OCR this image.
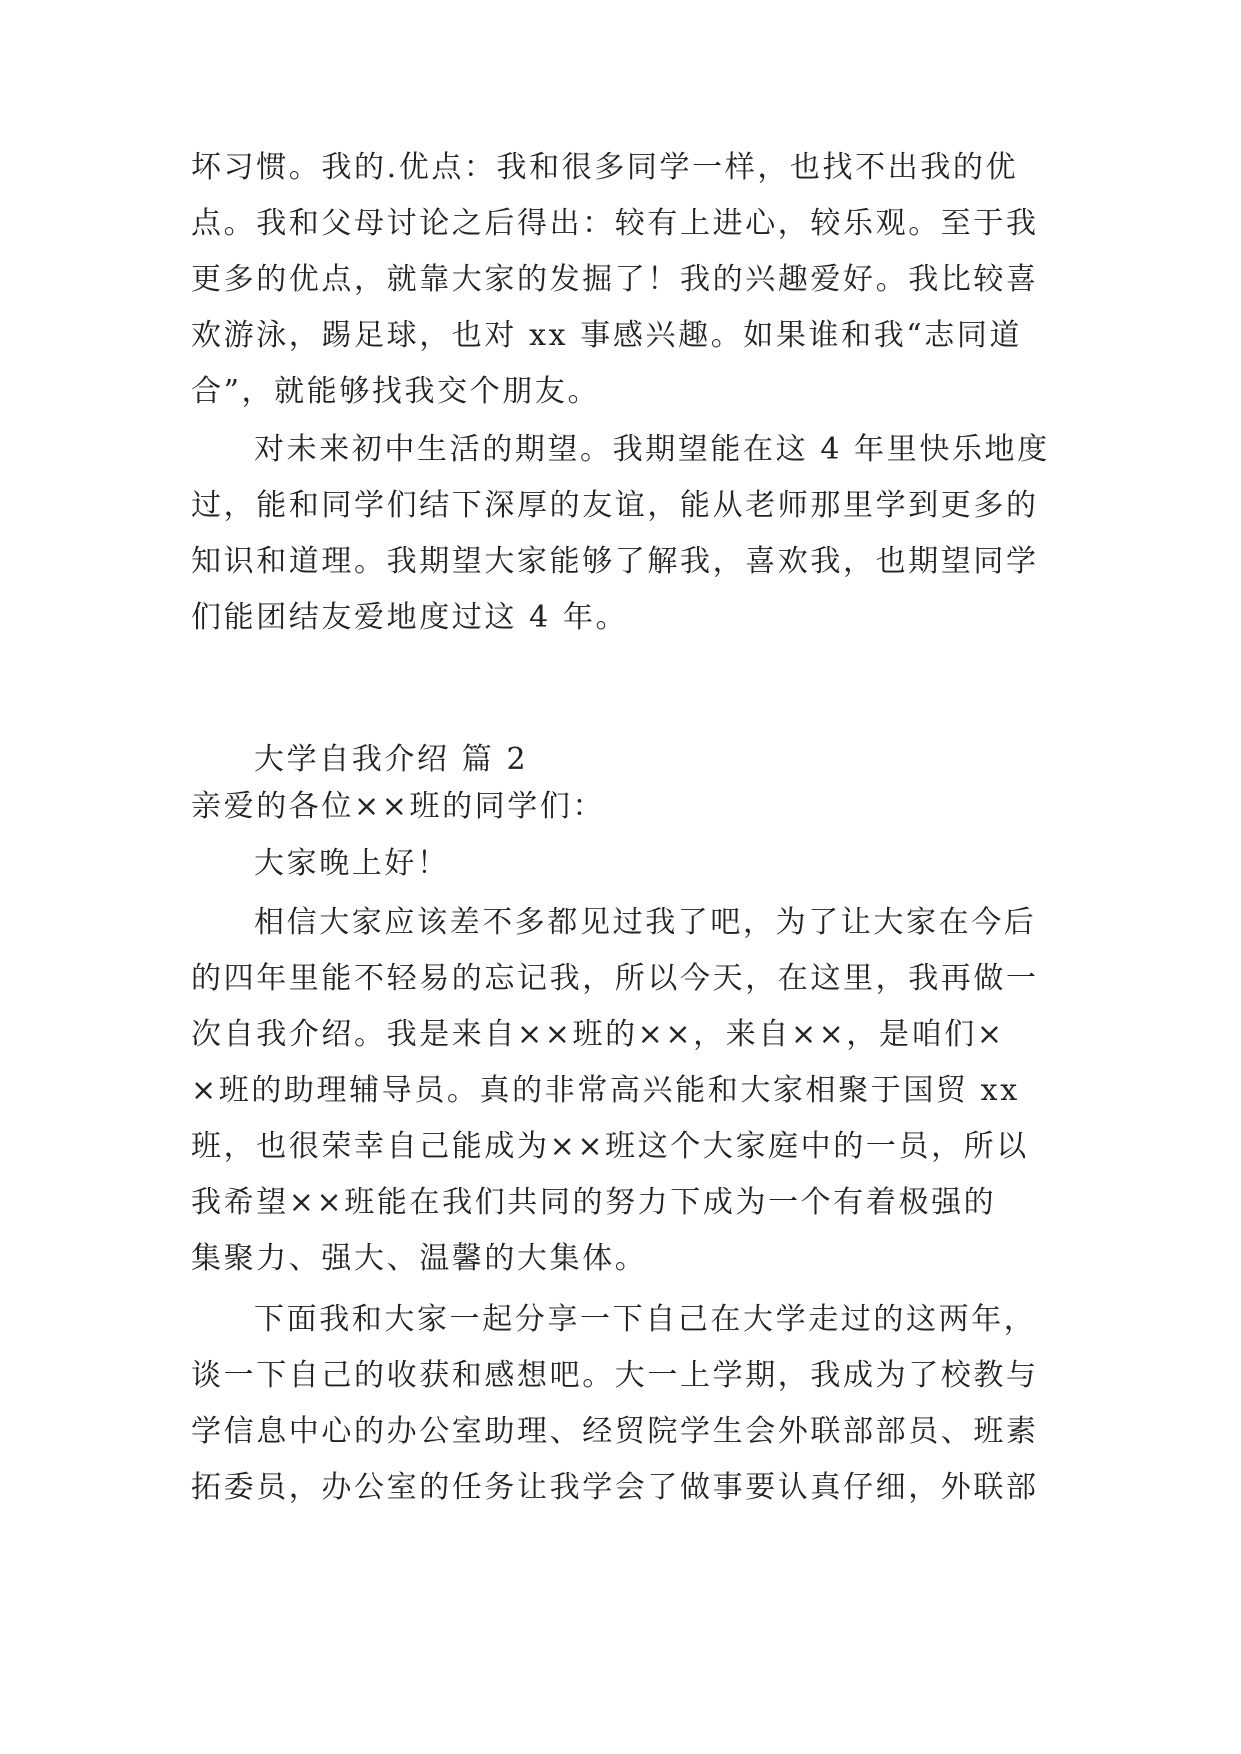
坏习惯。我的.优点：我和很多同学一样，也找不出我的优
点。我和父母讨论之后得出：较有上进心，较乐观。至于我
更多的优点，就靠大家的发掘了！我的兴趣爱好。我比较喜
欢游泳，踢足球，也对 xx 事感兴趣。如果谁和我“志同道
合”，就能够找我交个朋友。
对未来初中生活的期望。我期望能在这 4 年里快乐地度
过，能和同学们结下深厚的友谊，能从老师那里学到更多的
知识和道理。我期望大家能够了解我，喜欢我，也期望同学
们能团结友爱地度过这 4 年。
大学自我介绍 篇 2
亲爱的各位××班的同学们：
大家晚上好！
相信大家应该差不多都见过我了吧，为了让大家在今后
的四年里能不轻易的忘记我，所以今天，在这里，我再做一
次自我介绍。我是来自××班的××，来自××，是咱们×
×班的助理辅导员。真的非常高兴能和大家相聚于国贸 xx
班，也很荣幸自己能成为××班这个大家庭中的一员，所以
我希望××班能在我们共同的努力下成为一个有着极强的
集聚力、强大、温馨的大集体。
下面我和大家一起分享一下自己在大学走过的这两年，
谈一下自己的收获和感想吧。大一上学期，我成为了校教与
学信息中心的办公室助理、经贸院学生会外联部部员、班素
拓委员，办公室的任务让我学会了做事要认真仔细，外联部
